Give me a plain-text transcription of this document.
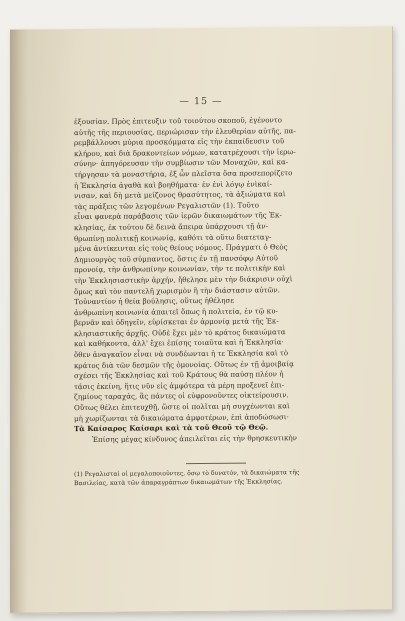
— 15 —
ἐξουσίαν. Πρὸς ἐπιτευξιν τοῦ τοιούτου σκοποῦ, ἐγένοντο
αὐτῆς τῆς περιουσίας, περιώρισαν τὴν ἐλευθερίαν αὐτῆς, πα-
ρεμβάλλουσι μύρια προσκόμματα εἰς τὴν ἐκπαίδευσιν τοῦ
κλήρου, καὶ διὰ δρακοντείων νόμων, κατατρέχουσι τὴν ἱερω-
σύνην· ἀπηγόρευσαν τὴν συμβίωσιν τῶν Μοναχῶν, καὶ κα-
τήργησαν τὰ μοναστήρια, ἐξ ὧν πλεῖστα ὅσα προσεπορίζετο
ἡ Ἐκκλησία ἀγαθὰ καὶ βοηθήματα· ἐν ἑνὶ λόγῳ ἐνὶκαί-
νισαν, καὶ δὴ μετὰ μείζονος θρασύτητος, τὰ ἀξιώματα καὶ
τὰς πράξεις τῶν λεγομένων Ρεγαλιστῶν (1). Τοῦτο
εἶναι φανερὰ παράβασις τῶν ἱερῶν δικαιωμάτων τῆς Ἐκ-
κλησίας, ἐκ τούτου δὲ δεινὰ ἄπειρα ὑπάρχουσι τῇ ἀν-
θρωπίνῃ πολιτικῇ κοινωνίᾳ, καθότι τὰ οὕτω διατεταγ-
μένα ἀντίκεινται εἰς τοὺς θείους νόμους. Πράγματι ὁ Θεὸς
Δημιουργὸς τοῦ σύμπαντος, ὅστις ἐν τῇ πανσόφῳ Αὐτοῦ
προνοίᾳ, τὴν ἀνθρωπίνην κοινωνίαν, τὴν τε πολιτικὴν καὶ
τὴν Ἐκκλησιαστικὴν ἀρχήν, ἤθελησε μὲν τὴν διάκρισιν οὐχὶ
ὅμως καὶ τὸν παντελῆ χωρισμὸν ἢ τὴν διάστασιν αὐτῶν.
Τοὐναντίον ἡ θεία βούλησις, οὕτως ἠθέλησε
ἀνθρωπίνη κοινωνία ἀπαιτεῖ ὅπως ἡ πολιτεία, ἐν τῷ κυ-
βερνᾶν καὶ ὁδηγεῖν, εὑρίσκεται ἐν ἁρμονίᾳ μετὰ τῆς Ἐκ-
κλησιαστικῆς ἀρχῆς. Οὐδὲ ἔχει μὲν τὸ κράτος δικαιώματα
καὶ καθήκοντα, ἀλλ' ἔχει ἐπίσης τοιαῦτα καὶ ἡ Ἐκκλησία·
ὅθεν ἀναγκαῖον εἶναι νὰ συνδέωνται ἡ τε Ἐκκλησία καὶ τὸ
κράτος διὰ τῶν δεσμῶν τῆς ὁμονοίας. Οὕτως ἐν τῇ ἀμοιβαίᾳ
σχέσει τῆς Ἐκκλησίας καὶ τοῦ Κράτους θὰ παύσῃ πλέον ἡ
τάσις ἐκείνη, ἥτις νῦν εἰς ἀμφότερα τὰ μέρη προξενεῖ ἐπι-
ζημίους ταραχάς, ἃς πάντες οἱ εὐφρονοῦντες οἰκτείρουσιν.
Οὕτως θέλει ἐπιτευχθῇ, ὥστε οἱ πολῖται μὴ συγχέωνται καὶ
μὴ χωρίζωνται τὰ δικαιώματα ἀμφοτέρων, ἐπὶ ἀποδώσωσι·
Τὰ Καίσαρος Καίσαρι καὶ τὰ τοῦ Θεοῦ τῷ Θεῷ.
Ἐπίσης μέγας κίνδυνος ἀπειλεῖται εἰς τὴν θρησκευτικὴν
(1) Ρεγαλισταὶ οἱ μεγαλοποιοῦντες, ὅσῳ τὸ δυνατόν, τὰ δικαιώματα τῆς
Βασιλείας, κατὰ τῶν ἀπαραγράπτων δικαιωμάτων τῆς Ἐκκλησίας.
